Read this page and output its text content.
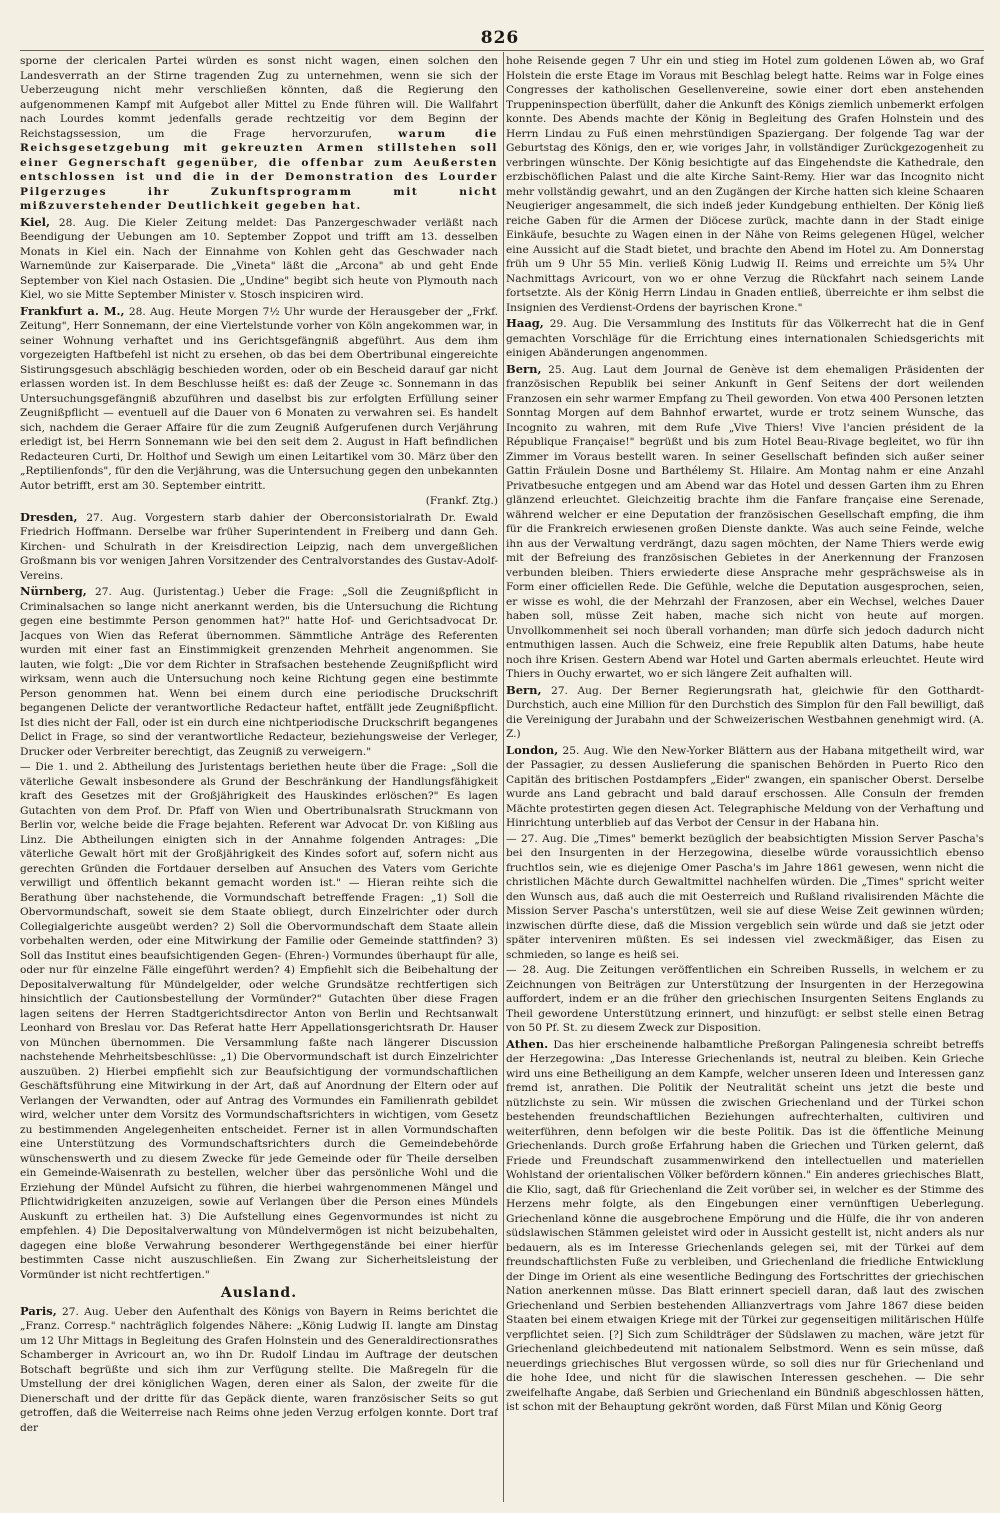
826

sporne der clericalen Partei würden es sonst nicht wagen, einen solchen den Landesverrath an der Stirne tragenden Zug zu unternehmen, wenn sie sich der Ueberzeugung nicht mehr verschließen könnten, daß die Regierung den aufgenommenen Kampf mit Aufgebot aller Mittel zu Ende führen will. Die Wallfahrt nach Lourdes kommt jedenfalls gerade rechtzeitig vor dem Beginn der Reichstagssession, um die Frage hervorzurufen, warum die Reichsgesetzgebung mit gekreuzten Armen stillstehen soll einer Gegnerschaft gegenüber, die offenbar zum Aeußersten entschlossen ist und die in der Demonstration des Lourder Pilgerzuges ihr Zukunftsprogramm mit nicht mißzuverstehender Deutlichkeit gegeben hat.

Kiel, 28. Aug. Die Kieler Zeitung meldet: Das Panzergeschwader verläßt nach Beendigung der Uebungen am 10. September Zoppot und trifft am 13. desselben Monats in Kiel ein. Nach der Einnahme von Kohlen geht das Geschwader nach Warnemünde zur Kaiserparade. Die „Vineta" läßt die „Arcona" ab und geht Ende September von Kiel nach Ostasien. Die „Undine" begibt sich heute von Plymouth nach Kiel, wo sie Mitte September Minister v. Stosch inspiciren wird.

Frankfurt a. M., 28. Aug. Heute Morgen 7½ Uhr wurde der Herausgeber der „Frkf. Zeitung", Herr Sonnemann, der eine Viertelstunde vorher von Köln angekommen war, in seiner Wohnung verhaftet und ins Gerichtsgefängniß abgeführt. Aus dem ihm vorgezeigten Haftbefehl ist nicht zu ersehen, ob das bei dem Obertribunal eingereichte Sistirungsgesuch abschlägig beschieden worden, oder ob ein Bescheid darauf gar nicht erlassen worden ist. In dem Beschlusse heißt es: daß der Zeuge ꝛc. Sonnemann in das Untersuchungsgefängniß abzuführen und daselbst bis zur erfolgten Erfüllung seiner Zeugnißpflicht — eventuell auf die Dauer von 6 Monaten zu verwahren sei. Es handelt sich, nachdem die Geraer Affaire für die zum Zeugniß Aufgerufenen durch Verjährung erledigt ist, bei Herrn Sonnemann wie bei den seit dem 2. August in Haft befindlichen Redacteuren Curti, Dr. Holthof und Sewigh um einen Leitartikel vom 30. März über den „Reptilienfonds", für den die Verjährung, was die Untersuchung gegen den unbekannten Autor betrifft, erst am 30. September eintritt.

(Frankf. Ztg.)

Dresden, 27. Aug. Vorgestern starb dahier der Oberconsistorialrath Dr. Ewald Friedrich Hoffmann. Derselbe war früher Superintendent in Freiberg und dann Geh. Kirchen- und Schulrath in der Kreisdirection Leipzig, nach dem unvergeßlichen Großmann bis vor wenigen Jahren Vorsitzender des Centralvorstandes des Gustav-Adolf-Vereins.

Nürnberg, 27. Aug. (Juristentag.) Ueber die Frage: „Soll die Zeugnißpflicht in Criminalsachen so lange nicht anerkannt werden, bis die Untersuchung die Richtung gegen eine bestimmte Person genommen hat?" hatte Hof- und Gerichtsadvocat Dr. Jacques von Wien das Referat übernommen. Sämmtliche Anträge des Referenten wurden mit einer fast an Einstimmigkeit grenzenden Mehrheit angenommen. Sie lauten, wie folgt: „Die vor dem Richter in Strafsachen bestehende Zeugnißpflicht wird wirksam, wenn auch die Untersuchung noch keine Richtung gegen eine bestimmte Person genommen hat. Wenn bei einem durch eine periodische Druckschrift begangenen Delicte der verantwortliche Redacteur haftet, entfällt jede Zeugnißpflicht. Ist dies nicht der Fall, oder ist ein durch eine nichtperiodische Druckschrift begangenes Delict in Frage, so sind der verantwortliche Redacteur, beziehungsweise der Verleger, Drucker oder Verbreiter berechtigt, das Zeugniß zu verweigern."

— Die 1. und 2. Abtheilung des Juristentags beriethen heute über die Frage: „Soll die väterliche Gewalt insbesondere als Grund der Beschränkung der Handlungsfähigkeit kraft des Gesetzes mit der Großjährigkeit des Hauskindes erlöschen?" Es lagen Gutachten von dem Prof. Dr. Pfaff von Wien und Obertribunalsrath Struckmann von Berlin vor, welche beide die Frage bejahten. Referent war Advocat Dr. von Kißling aus Linz. Die Abtheilungen einigten sich in der Annahme folgenden Antrages: „Die väterliche Gewalt hört mit der Großjährigkeit des Kindes sofort auf, sofern nicht aus gerechten Gründen die Fortdauer derselben auf Ansuchen des Vaters vom Gerichte verwilligt und öffentlich bekannt gemacht worden ist." — Hieran reihte sich die Berathung über nachstehende, die Vormundschaft betreffende Fragen: „1) Soll die Obervormundschaft, soweit sie dem Staate obliegt, durch Einzelrichter oder durch Collegialgerichte ausgeübt werden? 2) Soll die Obervormundschaft dem Staate allein vorbehalten werden, oder eine Mitwirkung der Familie oder Gemeinde stattfinden? 3) Soll das Institut eines beaufsichtigenden Gegen- (Ehren-) Vormundes überhaupt für alle, oder nur für einzelne Fälle eingeführt werden? 4) Empfiehlt sich die Beibehaltung der Depositalverwaltung für Mündelgelder, oder welche Grundsätze rechtfertigen sich hinsichtlich der Cautionsbestellung der Vormünder?" Gutachten über diese Fragen lagen seitens der Herren Stadtgerichtsdirector Anton von Berlin und Rechtsanwalt Leonhard von Breslau vor. Das Referat hatte Herr Appellationsgerichtsrath Dr. Hauser von München übernommen. Die Versammlung faßte nach längerer Discussion nachstehende Mehrheitsbeschlüsse: „1) Die Obervormundschaft ist durch Einzelrichter auszuüben. 2) Hierbei empfiehlt sich zur Beaufsichtigung der vormundschaftlichen Geschäftsführung eine Mitwirkung in der Art, daß auf Anordnung der Eltern oder auf Verlangen der Verwandten, oder auf Antrag des Vormundes ein Familienrath gebildet wird, welcher unter dem Vorsitz des Vormundschaftsrichters in wichtigen, vom Gesetz zu bestimmenden Angelegenheiten entscheidet. Ferner ist in allen Vormundschaften eine Unterstützung des Vormundschaftsrichters durch die Gemeindebehörde wünschenswerth und zu diesem Zwecke für jede Gemeinde oder für Theile derselben ein Gemeinde-Waisenrath zu bestellen, welcher über das persönliche Wohl und die Erziehung der Mündel Aufsicht zu führen, die hierbei wahrgenommenen Mängel und Pflichtwidrigkeiten anzuzeigen, sowie auf Verlangen über die Person eines Mündels Auskunft zu ertheilen hat. 3) Die Aufstellung eines Gegenvormundes ist nicht zu empfehlen. 4) Die Depositalverwaltung von Mündelvermögen ist nicht beizubehalten, dagegen eine bloße Verwahrung besonderer Werthgegenstände bei einer hierfür bestimmten Casse nicht auszuschließen. Ein Zwang zur Sicherheitsleistung der Vormünder ist nicht rechtfertigen."

Ausland.

Paris, 27. Aug. Ueber den Aufenthalt des Königs von Bayern in Reims berichtet die „Franz. Corresp." nachträglich folgendes Nähere: „König Ludwig II. langte am Dinstag um 12 Uhr Mittags in Begleitung des Grafen Holnstein und des Generaldirectionsrathes Schamberger in Avricourt an, wo ihn Dr. Rudolf Lindau im Auftrage der deutschen Botschaft begrüßte und sich ihm zur Verfügung stellte. Die Maßregeln für die Umstellung der drei königlichen Wagen, deren einer als Salon, der zweite für die Dienerschaft und der dritte für das Gepäck diente, waren französischer Seits so gut getroffen, daß die Weiterreise nach Reims ohne jeden Verzug erfolgen konnte. Dort traf der

hohe Reisende gegen 7 Uhr ein und stieg im Hotel zum goldenen Löwen ab, wo Graf Holstein die erste Etage im Voraus mit Beschlag belegt hatte. Reims war in Folge eines Congresses der katholischen Gesellenvereine, sowie einer dort eben anstehenden Truppeninspection überfüllt, daher die Ankunft des Königs ziemlich unbemerkt erfolgen konnte. Des Abends machte der König in Begleitung des Grafen Holnstein und des Herrn Lindau zu Fuß einen mehrstündigen Spaziergang. Der folgende Tag war der Geburtstag des Königs, den er, wie voriges Jahr, in vollständiger Zurückgezogenheit zu verbringen wünschte. Der König besichtigte auf das Eingehendste die Kathedrale, den erzbischöflichen Palast und die alte Kirche Saint-Remy. Hier war das Incognito nicht mehr vollständig gewahrt, und an den Zugängen der Kirche hatten sich kleine Schaaren Neugieriger angesammelt, die sich indeß jeder Kundgebung enthielten. Der König ließ reiche Gaben für die Armen der Diöcese zurück, machte dann in der Stadt einige Einkäufe, besuchte zu Wagen einen in der Nähe von Reims gelegenen Hügel, welcher eine Aussicht auf die Stadt bietet, und brachte den Abend im Hotel zu. Am Donnerstag früh um 9 Uhr 55 Min. verließ König Ludwig II. Reims und erreichte um 5¾ Uhr Nachmittags Avricourt, von wo er ohne Verzug die Rückfahrt nach seinem Lande fortsetzte. Als der König Herrn Lindau in Gnaden entließ, überreichte er ihm selbst die Insignien des Verdienst-Ordens der bayrischen Krone."

Haag, 29. Aug. Die Versammlung des Instituts für das Völkerrecht hat die in Genf gemachten Vorschläge für die Errichtung eines internationalen Schiedsgerichts mit einigen Abänderungen angenommen.

Bern, 25. Aug. Laut dem Journal de Genève ist dem ehemaligen Präsidenten der französischen Republik bei seiner Ankunft in Genf Seitens der dort weilenden Franzosen ein sehr warmer Empfang zu Theil geworden. Von etwa 400 Personen letzten Sonntag Morgen auf dem Bahnhof erwartet, wurde er trotz seinem Wunsche, das Incognito zu wahren, mit dem Rufe „Vive Thiers! Vive l'ancien président de la République Française!" begrüßt und bis zum Hotel Beau-Rivage begleitet, wo für ihn Zimmer im Voraus bestellt waren. In seiner Gesellschaft befinden sich außer seiner Gattin Fräulein Dosne und Barthélemy St. Hilaire. Am Montag nahm er eine Anzahl Privatbesuche entgegen und am Abend war das Hotel und dessen Garten ihm zu Ehren glänzend erleuchtet. Gleichzeitig brachte ihm die Fanfare française eine Serenade, während welcher er eine Deputation der französischen Gesellschaft empfing, die ihm für die Frankreich erwiesenen großen Dienste dankte. Was auch seine Feinde, welche ihn aus der Verwaltung verdrängt, dazu sagen möchten, der Name Thiers werde ewig mit der Befreiung des französischen Gebietes in der Anerkennung der Franzosen verbunden bleiben. Thiers erwiederte diese Ansprache mehr gesprächsweise als in Form einer officiellen Rede. Die Gefühle, welche die Deputation ausgesprochen, seien, er wisse es wohl, die der Mehrzahl der Franzosen, aber ein Wechsel, welches Dauer haben soll, müsse Zeit haben, mache sich nicht von heute auf morgen. Unvollkommenheit sei noch überall vorhanden; man dürfe sich jedoch dadurch nicht entmuthigen lassen. Auch die Schweiz, eine freie Republik alten Datums, habe heute noch ihre Krisen. Gestern Abend war Hotel und Garten abermals erleuchtet. Heute wird Thiers in Ouchy erwartet, wo er sich längere Zeit aufhalten will.

Bern, 27. Aug. Der Berner Regierungsrath hat, gleichwie für den Gotthardt-Durchstich, auch eine Million für den Durchstich des Simplon für den Fall bewilligt, daß die Vereinigung der Jurabahn und der Schweizerischen Westbahnen genehmigt wird. (A. Z.)

London, 25. Aug. Wie den New-Yorker Blättern aus der Habana mitgetheilt wird, war der Passagier, zu dessen Auslieferung die spanischen Behörden in Puerto Rico den Capitän des britischen Postdampfers „Eider" zwangen, ein spanischer Oberst. Derselbe wurde ans Land gebracht und bald darauf erschossen. Alle Consuln der fremden Mächte protestirten gegen diesen Act. Telegraphische Meldung von der Verhaftung und Hinrichtung unterblieb auf das Verbot der Censur in der Habana hin.

— 27. Aug. Die „Times" bemerkt bezüglich der beabsichtigten Mission Server Pascha's bei den Insurgenten in der Herzegowina, dieselbe würde voraussichtlich ebenso fruchtlos sein, wie es diejenige Omer Pascha's im Jahre 1861 gewesen, wenn nicht die christlichen Mächte durch Gewaltmittel nachhelfen würden. Die „Times" spricht weiter den Wunsch aus, daß auch die mit Oesterreich und Rußland rivalisirenden Mächte die Mission Server Pascha's unterstützen, weil sie auf diese Weise Zeit gewinnen würden; inzwischen dürfte diese, daß die Mission vergeblich sein würde und daß sie jetzt oder später interveniren müßten. Es sei indessen viel zweckmäßiger, das Eisen zu schmieden, so lange es heiß sei.

— 28. Aug. Die Zeitungen veröffentlichen ein Schreiben Russells, in welchem er zu Zeichnungen von Beiträgen zur Unterstützung der Insurgenten in der Herzegowina auffordert, indem er an die früher den griechischen Insurgenten Seitens Englands zu Theil gewordene Unterstützung erinnert, und hinzufügt: er selbst stelle einen Betrag von 50 Pf. St. zu diesem Zweck zur Disposition.

Athen. Das hier erscheinende halbamtliche Preßorgan Palingenesia schreibt betreffs der Herzegowina: „Das Interesse Griechenlands ist, neutral zu bleiben. Kein Grieche wird uns eine Betheiligung an dem Kampfe, welcher unseren Ideen und Interessen ganz fremd ist, anrathen. Die Politik der Neutralität scheint uns jetzt die beste und nützlichste zu sein. Wir müssen die zwischen Griechenland und der Türkei schon bestehenden freundschaftlichen Beziehungen aufrechterhalten, cultiviren und weiterführen, denn befolgen wir die beste Politik. Das ist die öffentliche Meinung Griechenlands. Durch große Erfahrung haben die Griechen und Türken gelernt, daß Friede und Freundschaft zusammenwirkend den intellectuellen und materiellen Wohlstand der orientalischen Völker befördern können." Ein anderes griechisches Blatt, die Klio, sagt, daß für Griechenland die Zeit vorüber sei, in welcher es der Stimme des Herzens mehr folgte, als den Eingebungen einer vernünftigen Ueberlegung. Griechenland könne die ausgebrochene Empörung und die Hülfe, die ihr von anderen südslawischen Stämmen geleistet wird oder in Aussicht gestellt ist, nicht anders als nur bedauern, als es im Interesse Griechenlands gelegen sei, mit der Türkei auf dem freundschaftlichsten Fuße zu verbleiben, und Griechenland die friedliche Entwicklung der Dinge im Orient als eine wesentliche Bedingung des Fortschrittes der griechischen Nation anerkennen müsse. Das Blatt erinnert speciell daran, daß laut des zwischen Griechenland und Serbien bestehenden Allianzvertrags vom Jahre 1867 diese beiden Staaten bei einem etwaigen Kriege mit der Türkei zur gegenseitigen militärischen Hülfe verpflichtet seien. [?] Sich zum Schildträger der Südslawen zu machen, wäre jetzt für Griechenland gleichbedeutend mit nationalem Selbstmord. Wenn es sein müsse, daß neuerdings griechisches Blut vergossen würde, so soll dies nur für Griechenland und die hohe Idee, und nicht für die slawischen Interessen geschehen. — Die sehr zweifelhafte Angabe, daß Serbien und Griechenland ein Bündniß abgeschlossen hätten, ist schon mit der Behauptung gekrönt worden, daß Fürst Milan und König Georg
